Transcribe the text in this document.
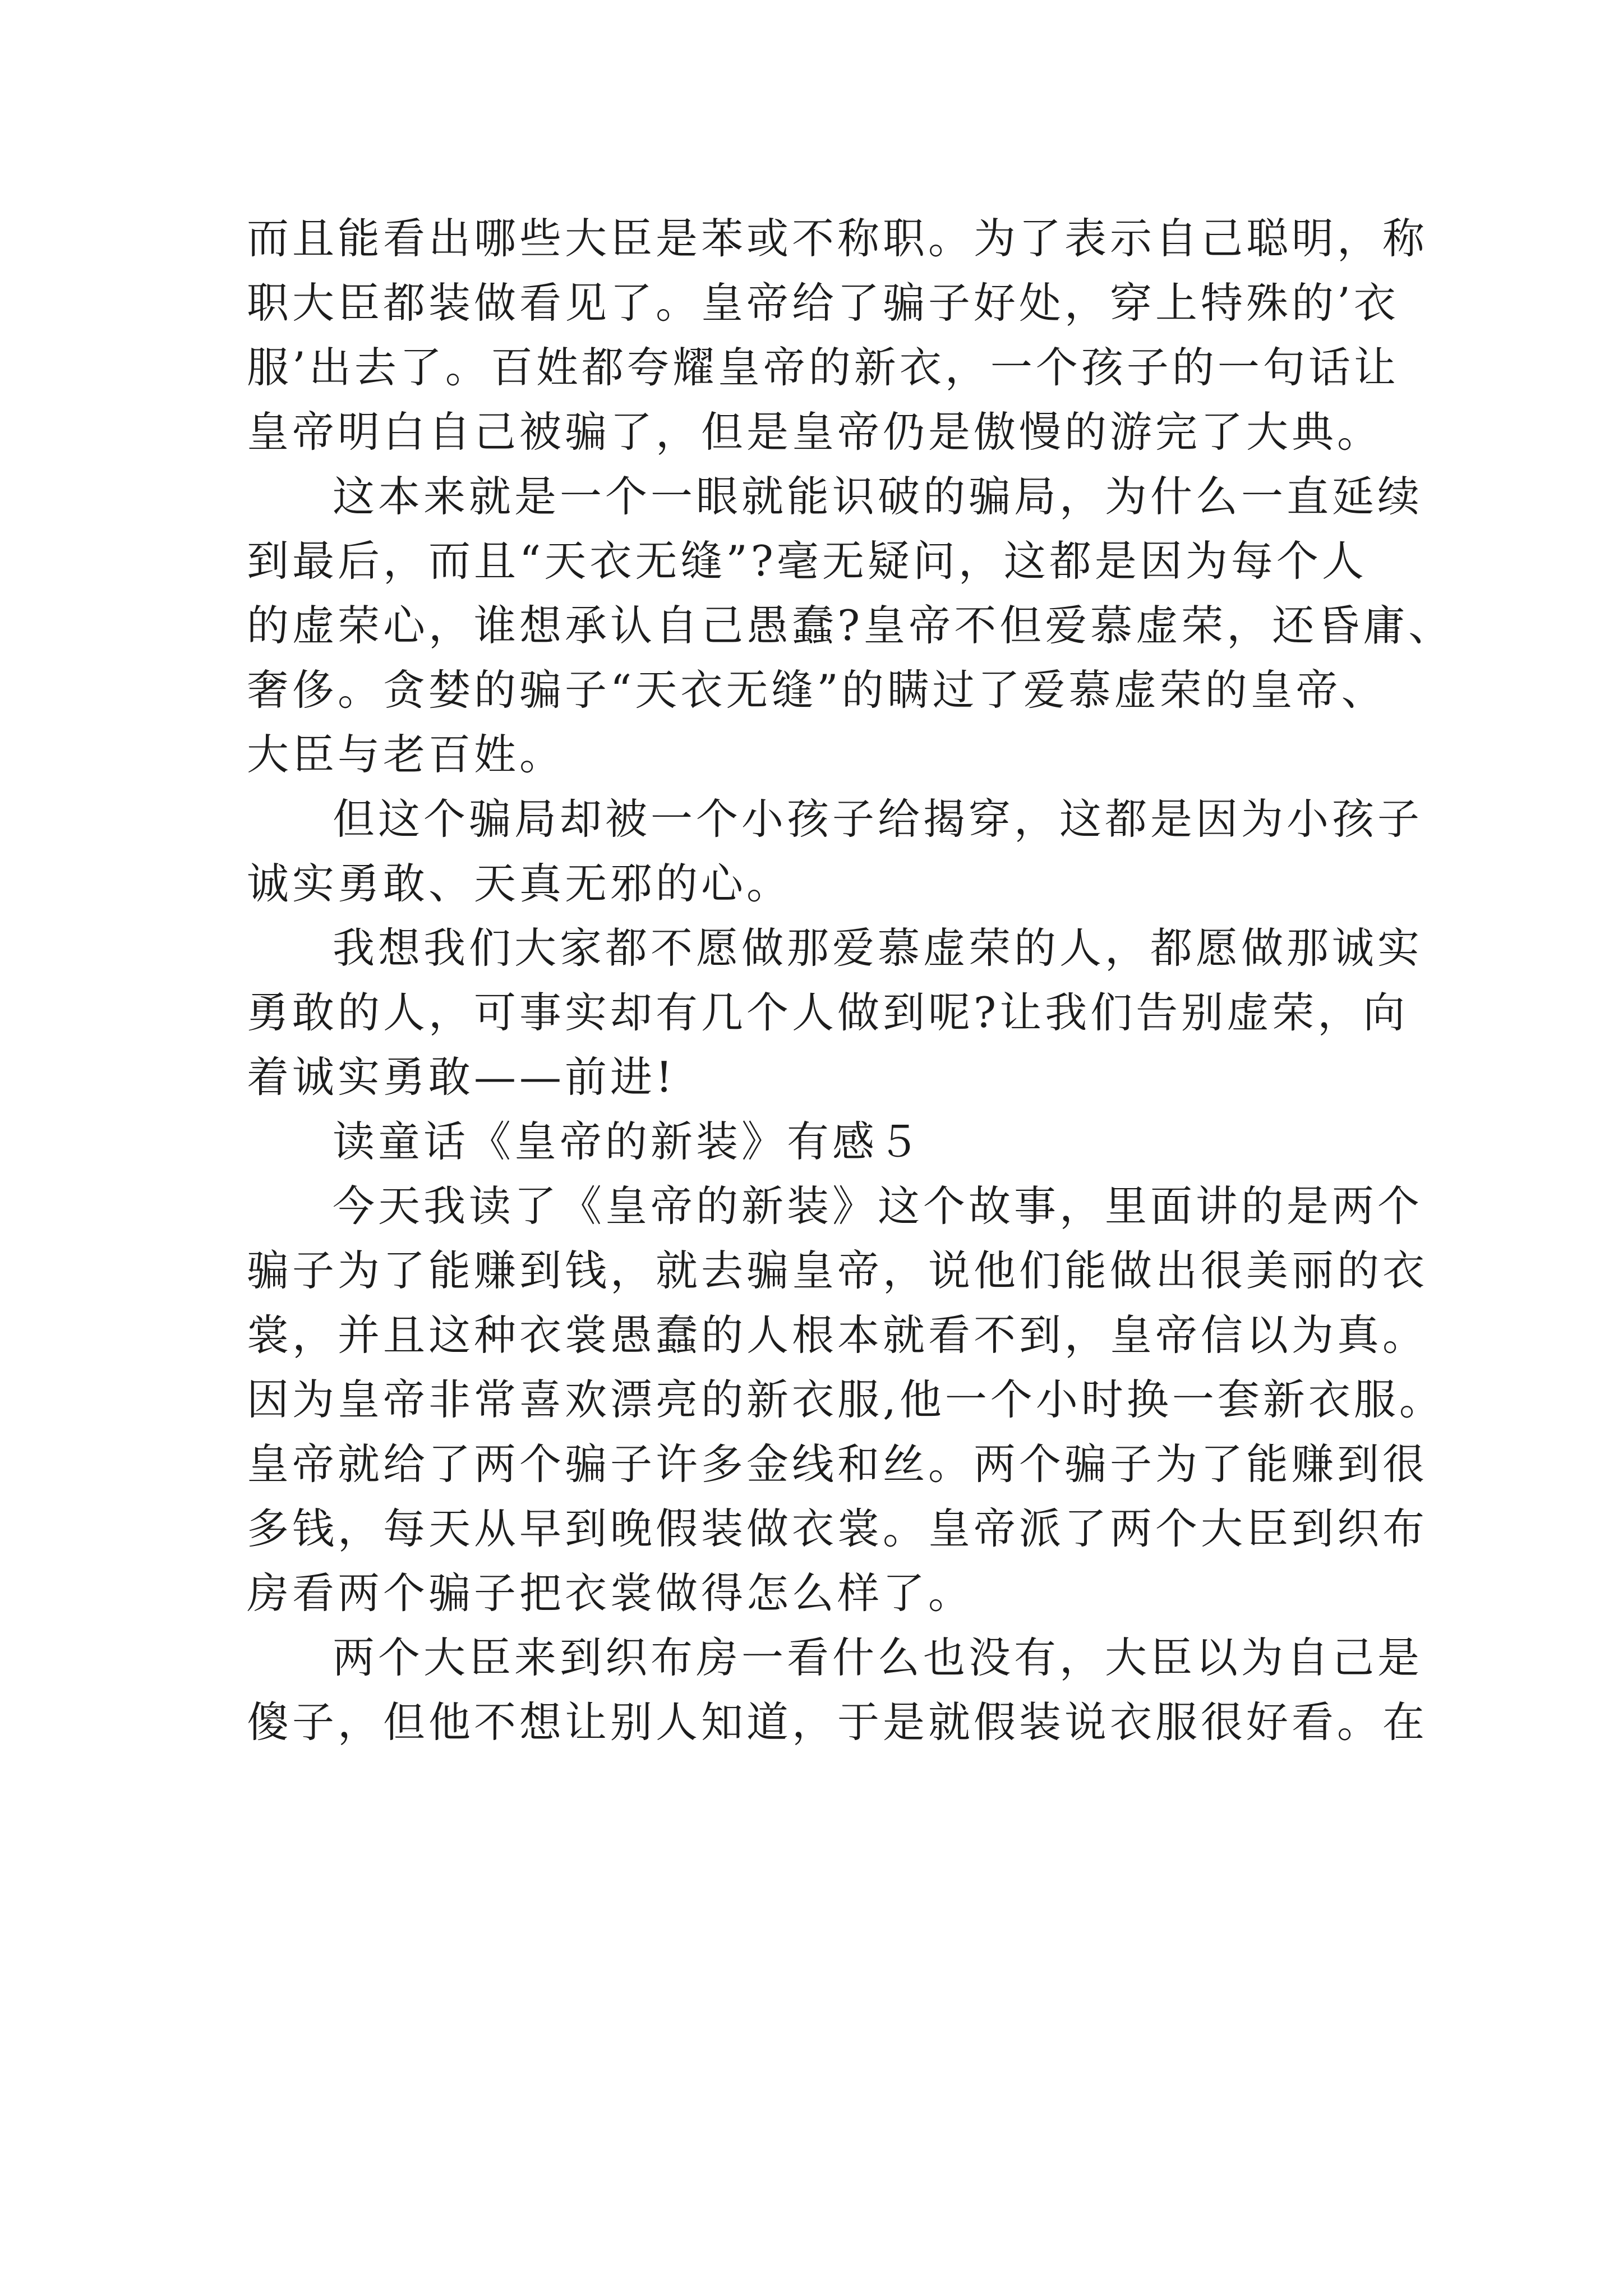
而且能看出哪些大臣是苯或不称职。为了表示自己聪明，称
职大臣都装做看见了。皇帝给了骗子好处，穿上特殊的’衣
服’出去了。百姓都夸耀皇帝的新衣，一个孩子的一句话让
皇帝明白自己被骗了，但是皇帝仍是傲慢的游完了大典。
这本来就是一个一眼就能识破的骗局，为什么一直延续
到最后，而且“天衣无缝”?毫无疑问，这都是因为每个人
的虚荣心，谁想承认自己愚蠢?皇帝不但爱慕虚荣，还昏庸、
奢侈。贪婪的骗子“天衣无缝”的瞒过了爱慕虚荣的皇帝、
大臣与老百姓。
但这个骗局却被一个小孩子给揭穿，这都是因为小孩子
诚实勇敢、天真无邪的心。
我想我们大家都不愿做那爱慕虚荣的人，都愿做那诚实
勇敢的人，可事实却有几个人做到呢?让我们告别虚荣，向
着诚实勇敢——前进!
读童话《皇帝的新装》有感５
今天我读了《皇帝的新装》这个故事，里面讲的是两个
骗子为了能赚到钱，就去骗皇帝，说他们能做出很美丽的衣
裳，并且这种衣裳愚蠢的人根本就看不到，皇帝信以为真。
因为皇帝非常喜欢漂亮的新衣服,他一个小时换一套新衣服。
皇帝就给了两个骗子许多金线和丝。两个骗子为了能赚到很
多钱，每天从早到晚假装做衣裳。皇帝派了两个大臣到织布
房看两个骗子把衣裳做得怎么样了。
两个大臣来到织布房一看什么也没有，大臣以为自己是
傻子，但他不想让别人知道，于是就假装说衣服很好看。在
